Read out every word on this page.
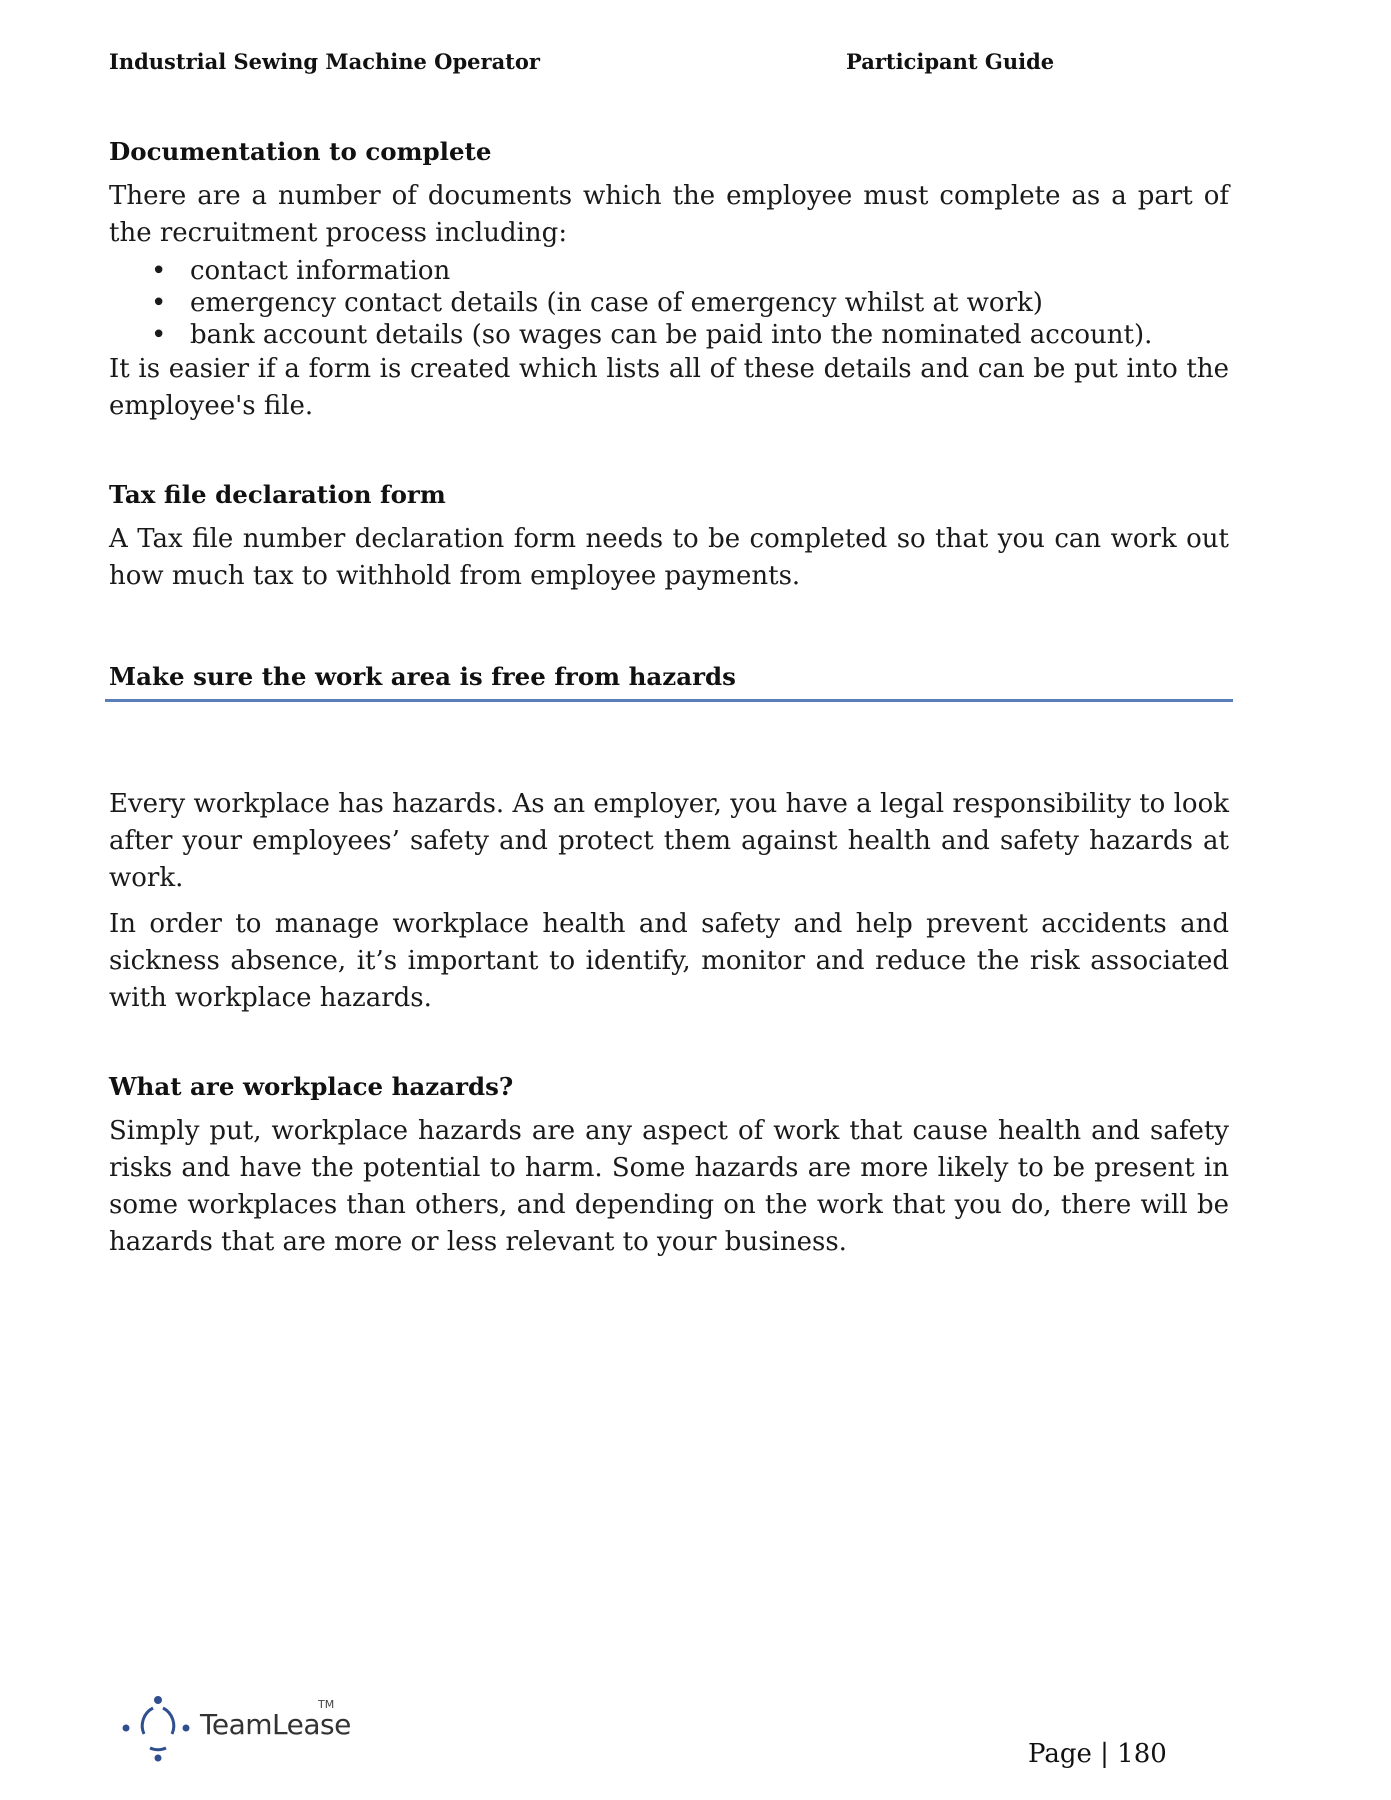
Industrial Sewing Machine Operator	Participant Guide
Documentation to complete

There are a number of documents which the employee must complete as a part of the recruitment process including:

• contact information
• emergency contact details (in case of emergency whilst at work)
• bank account details (so wages can be paid into the nominated account).

It is easier if a form is created which lists all of these details and can be put into the employee's file.

Tax file declaration form

A Tax file number declaration form needs to be completed so that you can work out how much tax to withhold from employee payments.

Make sure the work area is free from hazards

Every workplace has hazards. As an employer, you have a legal responsibility to look after your employees’ safety and protect them against health and safety hazards at work.

In order to manage workplace health and safety and help prevent accidents and sickness absence, it’s important to identify, monitor and reduce the risk associated with workplace hazards.

What are workplace hazards?

Simply put, workplace hazards are any aspect of work that cause health and safety risks and have the potential to harm. Some hazards are more likely to be present in some workplaces than others, and depending on the work that you do, there will be hazards that are more or less relevant to your business.

TeamLease
TM
Page | 180
